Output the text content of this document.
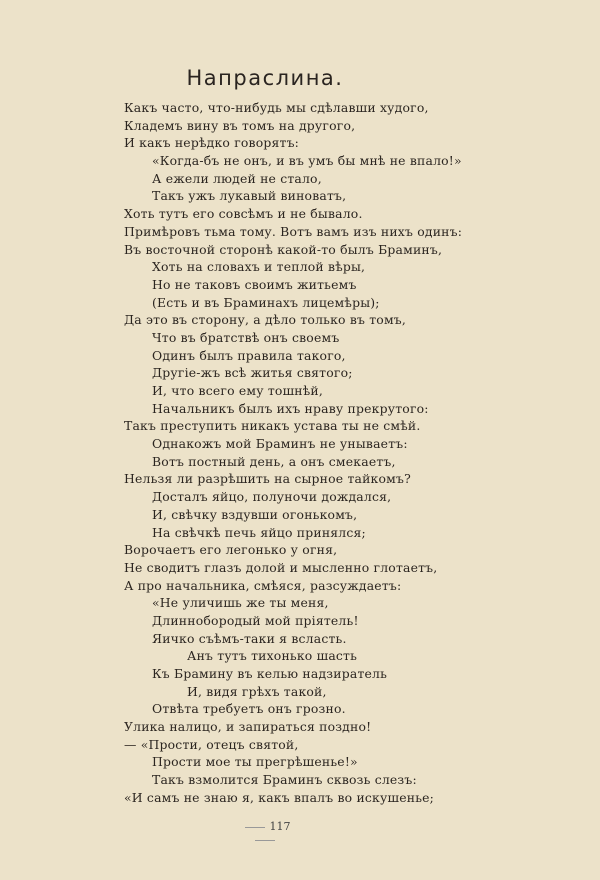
Напраслина.
Какъ часто, что-нибудь мы сдѣлавши худого,
Кладемъ вину въ томъ на другого,
И какъ нерѣдко говорятъ:
«Когда-бъ не онъ, и въ умъ бы мнѣ не впало!»
А ежели людей не стало,
Такъ ужъ лукавый виноватъ,
Хоть тутъ его совсѣмъ и не бывало.
Примѣровъ тьма тому. Вотъ вамъ изъ нихъ одинъ:
Въ восточной сторонѣ какой-то былъ Браминъ,
Хоть на словахъ и теплой вѣры,
Но не таковъ своимъ житьемъ
(Есть и въ Браминахъ лицемѣры);
Да это въ сторону, а дѣло только въ томъ,
Что въ братствѣ онъ своемъ
Одинъ былъ правила такого,
Другіе-жъ всѣ житья святого;
И, что всего ему тошнѣй,
Начальникъ былъ ихъ нраву прекрутого:
Такъ преступить никакъ устава ты не смѣй.
Однакожъ мой Браминъ не унываетъ:
Вотъ постный день, а онъ смекаетъ,
Нельзя ли разрѣшить на сырное тайкомъ?
Досталъ яйцо, полуночи дождался,
И, свѣчку вздувши огонькомъ,
На свѣчкѣ печь яйцо принялся;
Ворочаетъ его легонько у огня,
Не сводитъ глазъ долой и мысленно глотаетъ,
А про начальника, смѣяся, разсуждаетъ:
«Не уличишь же ты меня,
Длиннобородый мой пріятель!
Яичко съѣмъ-таки я всласть.
Анъ тутъ тихонько шасть
Къ Брамину въ келью надзиратель
И, видя грѣхъ такой,
Отвѣта требуетъ онъ грозно.
Улика налицо, и запираться поздно!
— «Прости, отецъ святой,
Прости мое ты прегрѣшенье!»
Такъ взмолится Браминъ сквозь слезъ:
«И самъ не знаю я, какъ впалъ во искушенье;
117
